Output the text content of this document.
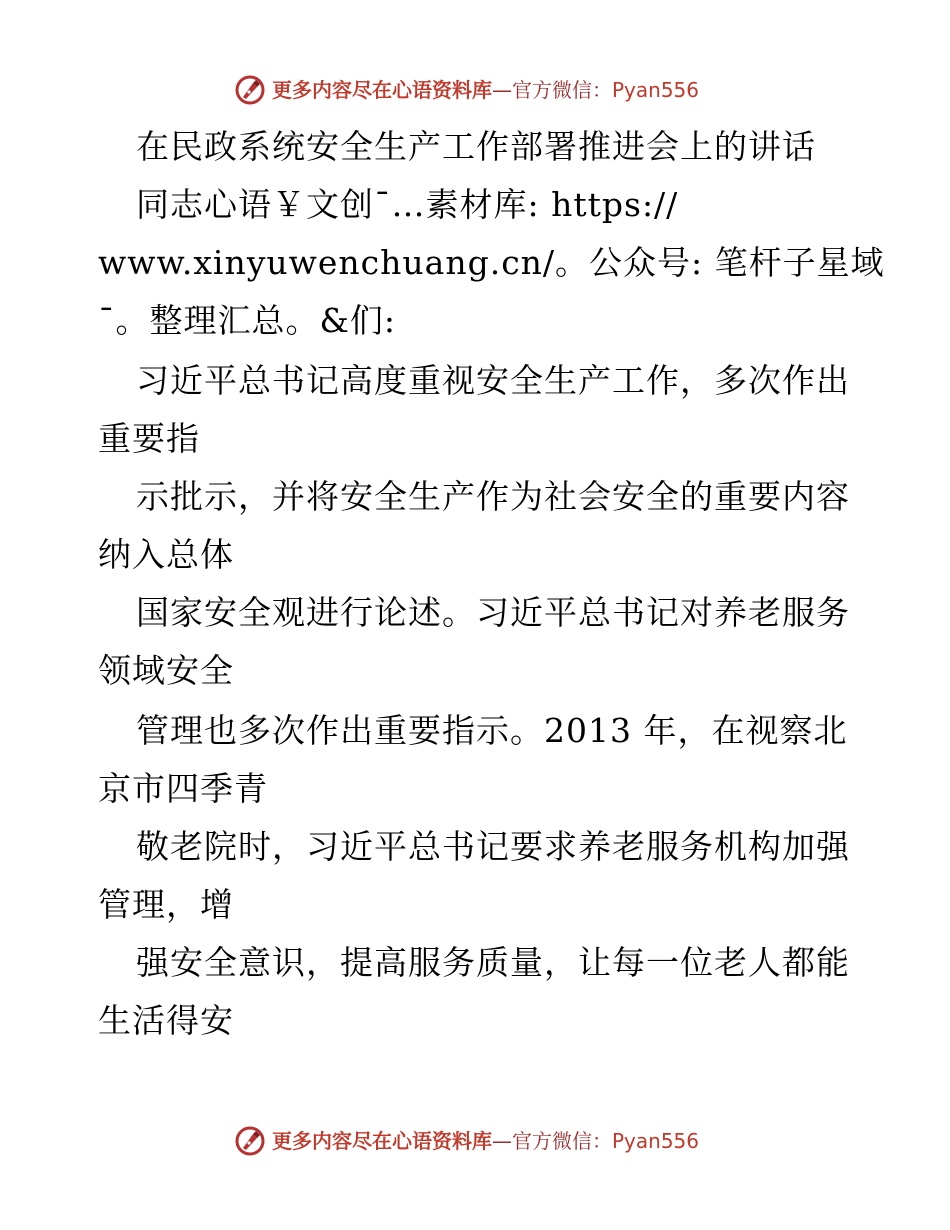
更多内容尽在心语资料库—官方微信：Pyan556
在民政系统安全生产工作部署推进会上的讲话
同志心语￥文创¯…素材库: https://
www.xinyuwenchuang.cn/。公众号: 笔杆子星域
¯。整理汇总。&们:
习近平总书记高度重视安全生产工作，多次作出
重要指
示批示，并将安全生产作为社会安全的重要内容
纳入总体
国家安全观进行论述。习近平总书记对养老服务
领域安全
管理也多次作出重要指示。2013 年，在视察北
京市四季青
敬老院时，习近平总书记要求养老服务机构加强
管理，增
强安全意识，提高服务质量，让每一位老人都能
生活得安
更多内容尽在心语资料库—官方微信：Pyan556
